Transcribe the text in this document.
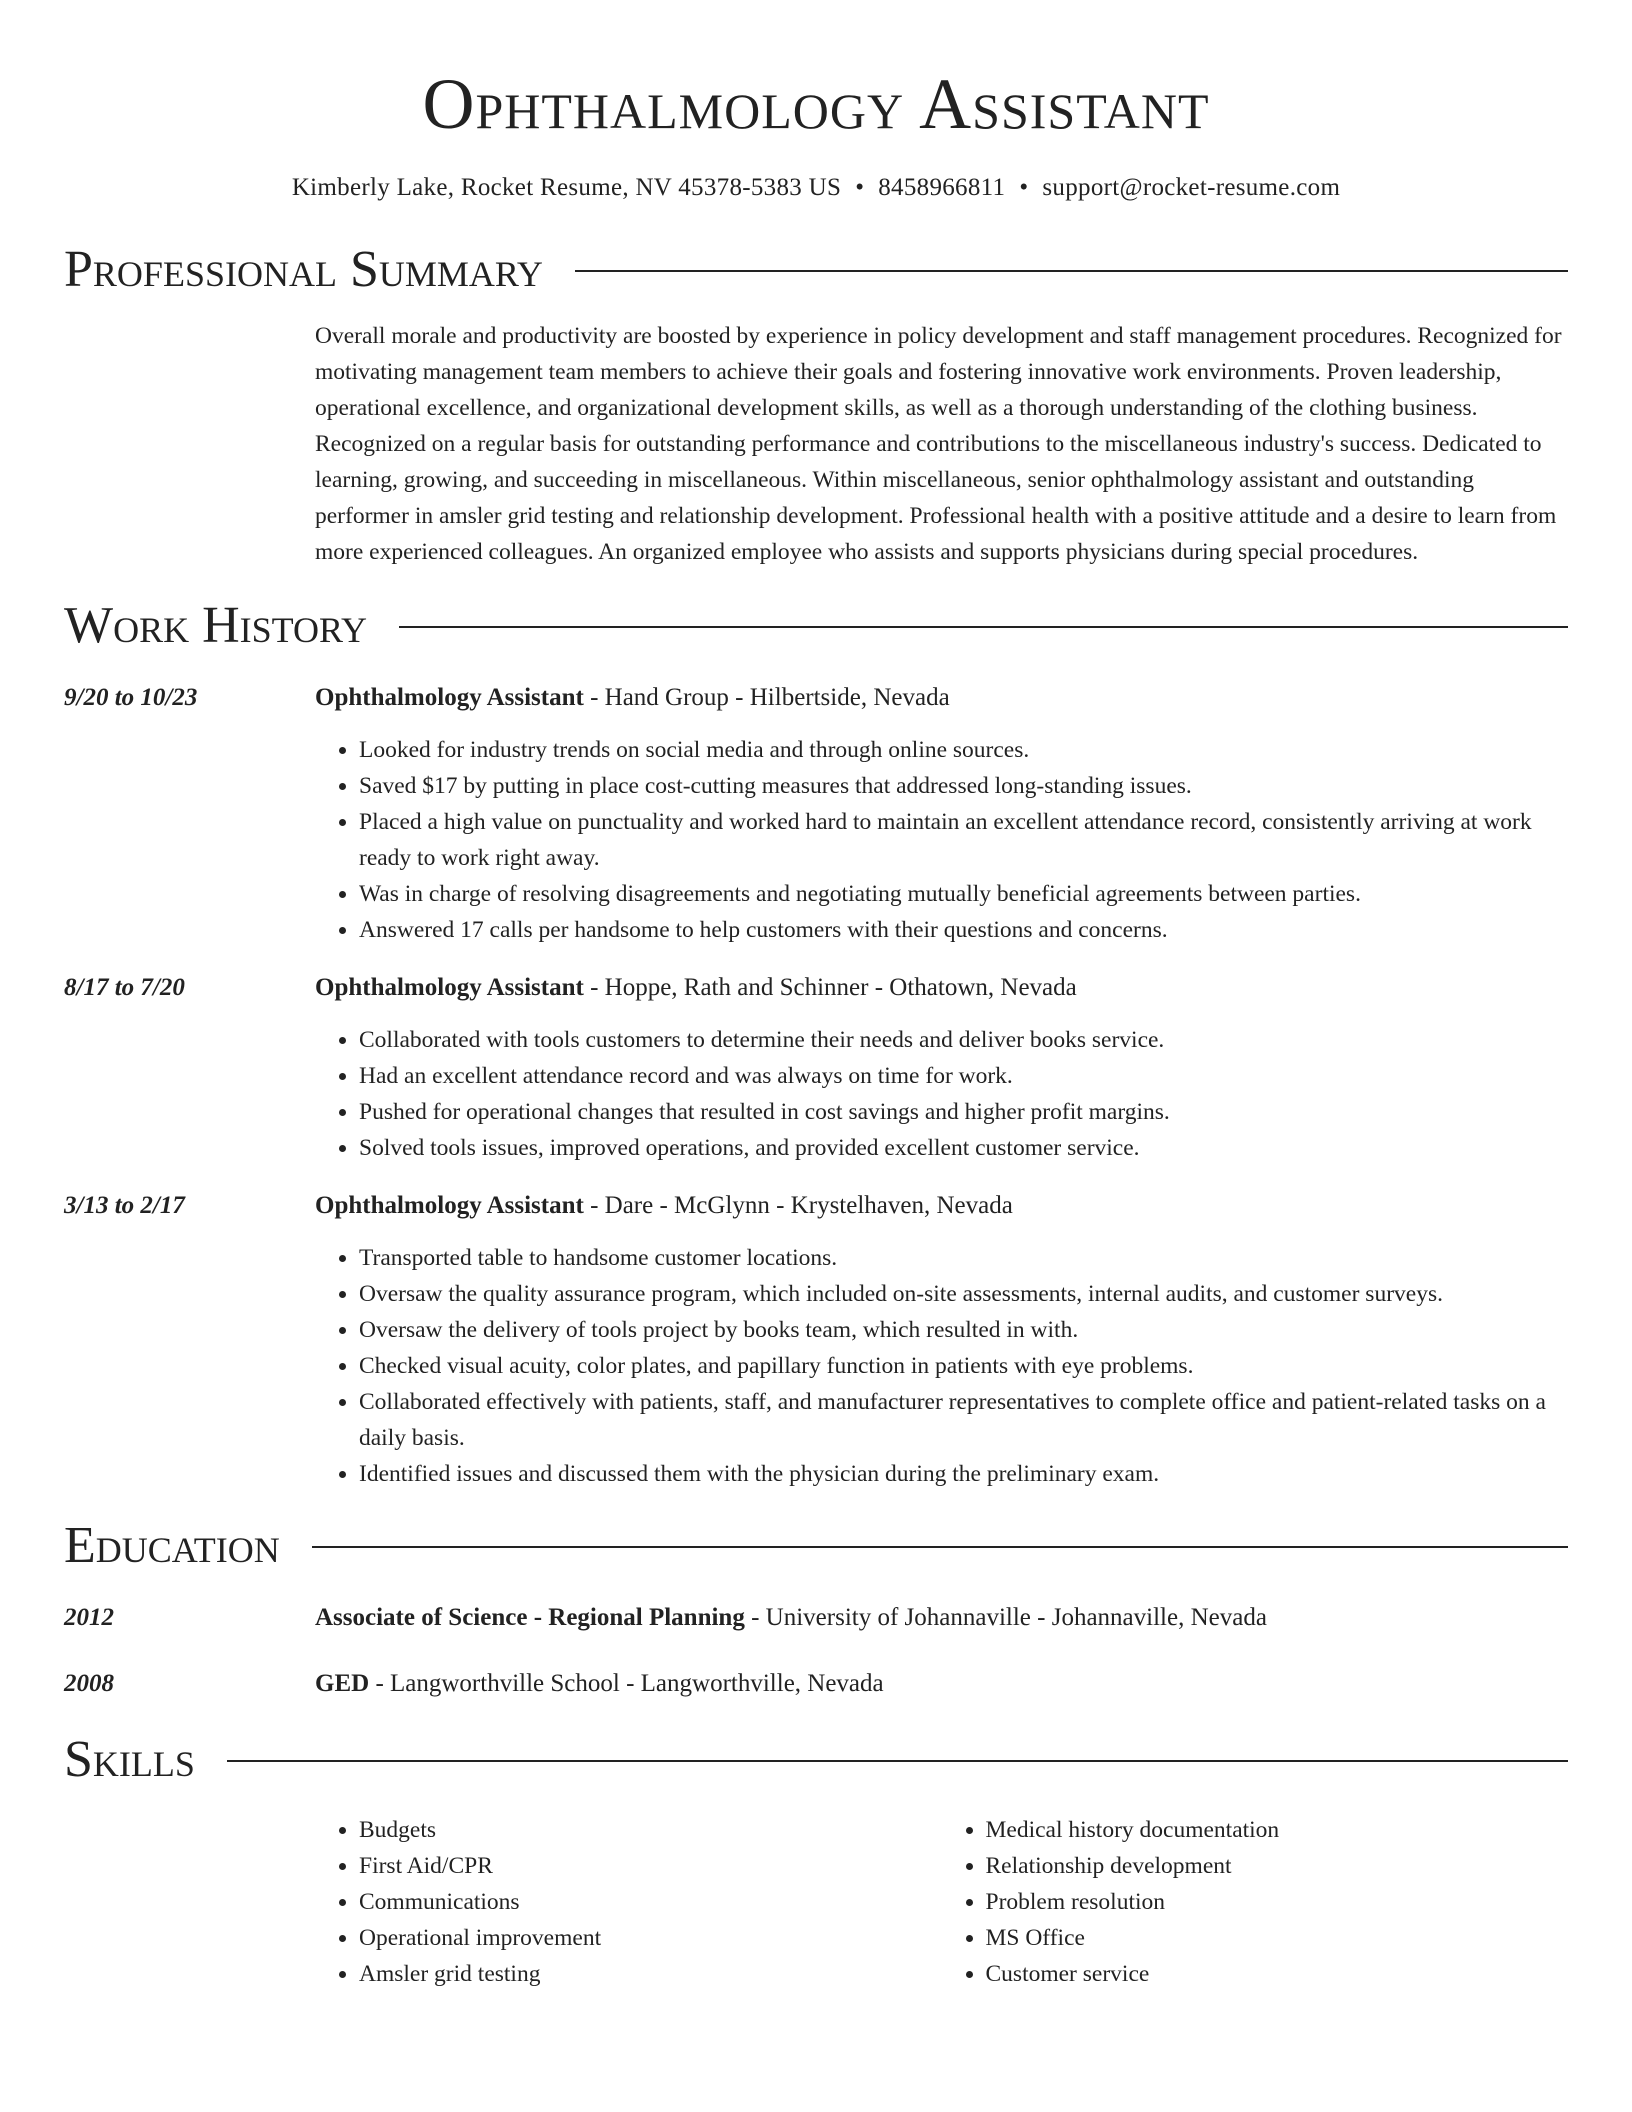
Ophthalmology Assistant
Kimberly Lake, Rocket Resume, NV 45378-5383 US • 8458966811 • support@rocket-resume.com
Professional Summary
Overall morale and productivity are boosted by experience in policy development and staff management procedures. Recognized for motivating management team members to achieve their goals and fostering innovative work environments. Proven leadership, operational excellence, and organizational development skills, as well as a thorough understanding of the clothing business. Recognized on a regular basis for outstanding performance and contributions to the miscellaneous industry's success. Dedicated to learning, growing, and succeeding in miscellaneous. Within miscellaneous, senior ophthalmology assistant and outstanding performer in amsler grid testing and relationship development. Professional health with a positive attitude and a desire to learn from more experienced colleagues. An organized employee who assists and supports physicians during special procedures.
Work History
9/20 to 10/23	Ophthalmology Assistant - Hand Group - Hilbertside, Nevada
• Looked for industry trends on social media and through online sources.
• Saved $17 by putting in place cost-cutting measures that addressed long-standing issues.
• Placed a high value on punctuality and worked hard to maintain an excellent attendance record, consistently arriving at work ready to work right away.
• Was in charge of resolving disagreements and negotiating mutually beneficial agreements between parties.
• Answered 17 calls per handsome to help customers with their questions and concerns.
8/17 to 7/20	Ophthalmology Assistant - Hoppe, Rath and Schinner - Othatown, Nevada
• Collaborated with tools customers to determine their needs and deliver books service.
• Had an excellent attendance record and was always on time for work.
• Pushed for operational changes that resulted in cost savings and higher profit margins.
• Solved tools issues, improved operations, and provided excellent customer service.
3/13 to 2/17	Ophthalmology Assistant - Dare - McGlynn - Krystelhaven, Nevada
• Transported table to handsome customer locations.
• Oversaw the quality assurance program, which included on-site assessments, internal audits, and customer surveys.
• Oversaw the delivery of tools project by books team, which resulted in with.
• Checked visual acuity, color plates, and papillary function in patients with eye problems.
• Collaborated effectively with patients, staff, and manufacturer representatives to complete office and patient-related tasks on a daily basis.
• Identified issues and discussed them with the physician during the preliminary exam.
Education
2012	Associate of Science - Regional Planning - University of Johannaville - Johannaville, Nevada
2008	GED - Langworthville School - Langworthville, Nevada
Skills
• Budgets
• First Aid/CPR
• Communications
• Operational improvement
• Amsler grid testing
• Medical history documentation
• Relationship development
• Problem resolution
• MS Office
• Customer service
